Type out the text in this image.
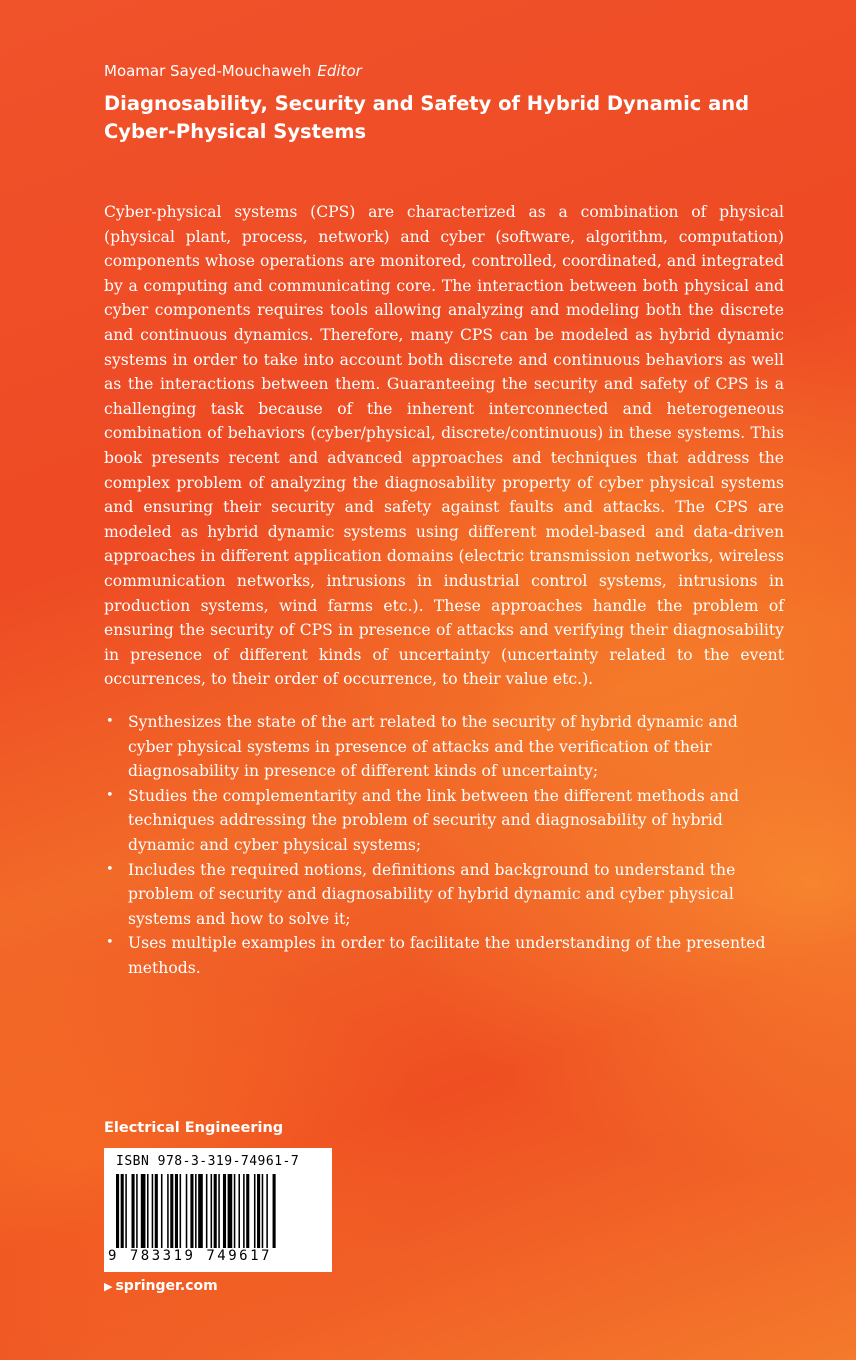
Moamar Sayed-Mouchaweh Editor
Diagnosability, Security and Safety of Hybrid Dynamic and Cyber-Physical Systems
Cyber-physical systems (CPS) are characterized as a combination of physical (physical plant, process, network) and cyber (software, algorithm, computation) components whose operations are monitored, controlled, coordinated, and integrated by a computing and communicating core. The interaction between both physical and cyber components requires tools allowing analyzing and modeling both the discrete and continuous dynamics. Therefore, many CPS can be modeled as hybrid dynamic systems in order to take into account both discrete and continuous behaviors as well as the interactions between them. Guaranteeing the security and safety of CPS is a challenging task because of the inherent interconnected and heterogeneous combination of behaviors (cyber/physical, discrete/continuous) in these systems. This book presents recent and advanced approaches and techniques that address the complex problem of analyzing the diagnosability property of cyber physical systems and ensuring their security and safety against faults and attacks. The CPS are modeled as hybrid dynamic systems using different model-based and data-driven approaches in different application domains (electric transmission networks, wireless communication networks, intrusions in industrial control systems, intrusions in production systems, wind farms etc.). These approaches handle the problem of ensuring the security of CPS in presence of attacks and verifying their diagnosability in presence of different kinds of uncertainty (uncertainty related to the event occurrences, to their order of occurrence, to their value etc.).
• Synthesizes the state of the art related to the security of hybrid dynamic and cyber physical systems in presence of attacks and the verification of their diagnosability in presence of different kinds of uncertainty;
• Studies the complementarity and the link between the different methods and techniques addressing the problem of security and diagnosability of hybrid dynamic and cyber physical systems;
• Includes the required notions, definitions and background to understand the problem of security and diagnosability of hybrid dynamic and cyber physical systems and how to solve it;
• Uses multiple examples in order to facilitate the understanding of the presented methods.
Electrical Engineering
ISBN 978-3-319-74961-7
9 783319 749617
▶ springer.com
